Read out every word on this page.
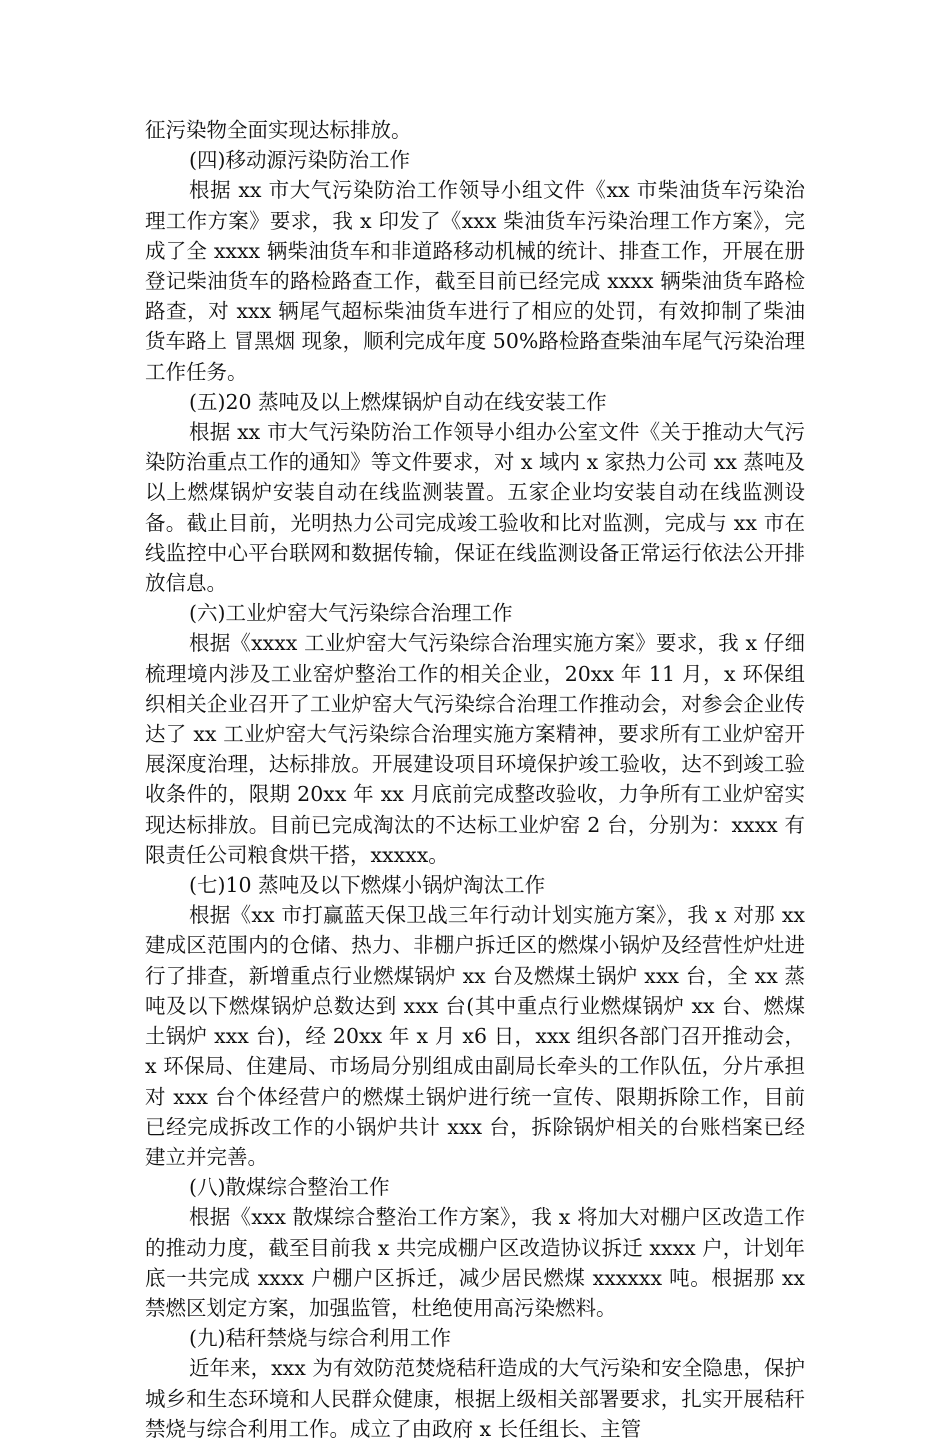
征污染物全面实现达标排放。

(四)移动源污染防治工作

根据 xx 市大气污染防治工作领导小组文件《xx 市柴油货车污染治理工作方案》要求，我 x 印发了《xxx 柴油货车污染治理工作方案》，完成了全 xxxx 辆柴油货车和非道路移动机械的统计、排查工作，开展在册登记柴油货车的路检路查工作，截至目前已经完成 xxxx 辆柴油货车路检路查，对 xxx 辆尾气超标柴油货车进行了相应的处罚，有效抑制了柴油货车路上 冒黑烟 现象，顺利完成年度 50%路检路查柴油车尾气污染治理工作任务。

(五)20 蒸吨及以上燃煤锅炉自动在线安装工作

根据 xx 市大气污染防治工作领导小组办公室文件《关于推动大气污染防治重点工作的通知》等文件要求，对 x 域内 x 家热力公司 xx 蒸吨及以上燃煤锅炉安装自动在线监测装置。五家企业均安装自动在线监测设备。截止目前，光明热力公司完成竣工验收和比对监测，完成与 xx 市在线监控中心平台联网和数据传输，保证在线监测设备正常运行依法公开排放信息。

(六)工业炉窑大气污染综合治理工作

根据《xxxx 工业炉窑大气污染综合治理实施方案》要求，我 x 仔细梳理境内涉及工业窑炉整治工作的相关企业，20xx 年 11 月，x 环保组织相关企业召开了工业炉窑大气污染综合治理工作推动会，对参会企业传达了 xx 工业炉窑大气污染综合治理实施方案精神，要求所有工业炉窑开展深度治理，达标排放。开展建设项目环境保护竣工验收，达不到竣工验收条件的，限期 20xx 年 xx 月底前完成整改验收，力争所有工业炉窑实现达标排放。目前已完成淘汰的不达标工业炉窑 2 台，分别为：xxxx 有限责任公司粮食烘干搭，xxxxx。

(七)10 蒸吨及以下燃煤小锅炉淘汰工作

根据《xx 市打赢蓝天保卫战三年行动计划实施方案》，我 x 对那 xx 建成区范围内的仓储、热力、非棚户拆迁区的燃煤小锅炉及经营性炉灶进行了排查，新增重点行业燃煤锅炉 xx 台及燃煤土锅炉 xxx 台，全 xx 蒸吨及以下燃煤锅炉总数达到 xxx 台(其中重点行业燃煤锅炉 xx 台、燃煤土锅炉 xxx 台)，经 20xx 年 x 月 x6 日，xxx 组织各部门召开推动会，x 环保局、住建局、市场局分别组成由副局长牵头的工作队伍，分片承担对 xxx 台个体经营户的燃煤土锅炉进行统一宣传、限期拆除工作，目前已经完成拆改工作的小锅炉共计 xxx 台，拆除锅炉相关的台账档案已经建立并完善。

(八)散煤综合整治工作

根据《xxx 散煤综合整治工作方案》，我 x 将加大对棚户区改造工作的推动力度，截至目前我 x 共完成棚户区改造协议拆迁 xxxx 户，计划年底一共完成 xxxx 户棚户区拆迁，减少居民燃煤 xxxxxx 吨。根据那 xx 禁燃区划定方案，加强监管，杜绝使用高污染燃料。

(九)秸秆禁烧与综合利用工作

近年来，xxx 为有效防范焚烧秸秆造成的大气污染和安全隐患，保护城乡和生态环境和人民群众健康，根据上级相关部署要求，扎实开展秸秆禁烧与综合利用工作。成立了由政府 x 长任组长、主管
